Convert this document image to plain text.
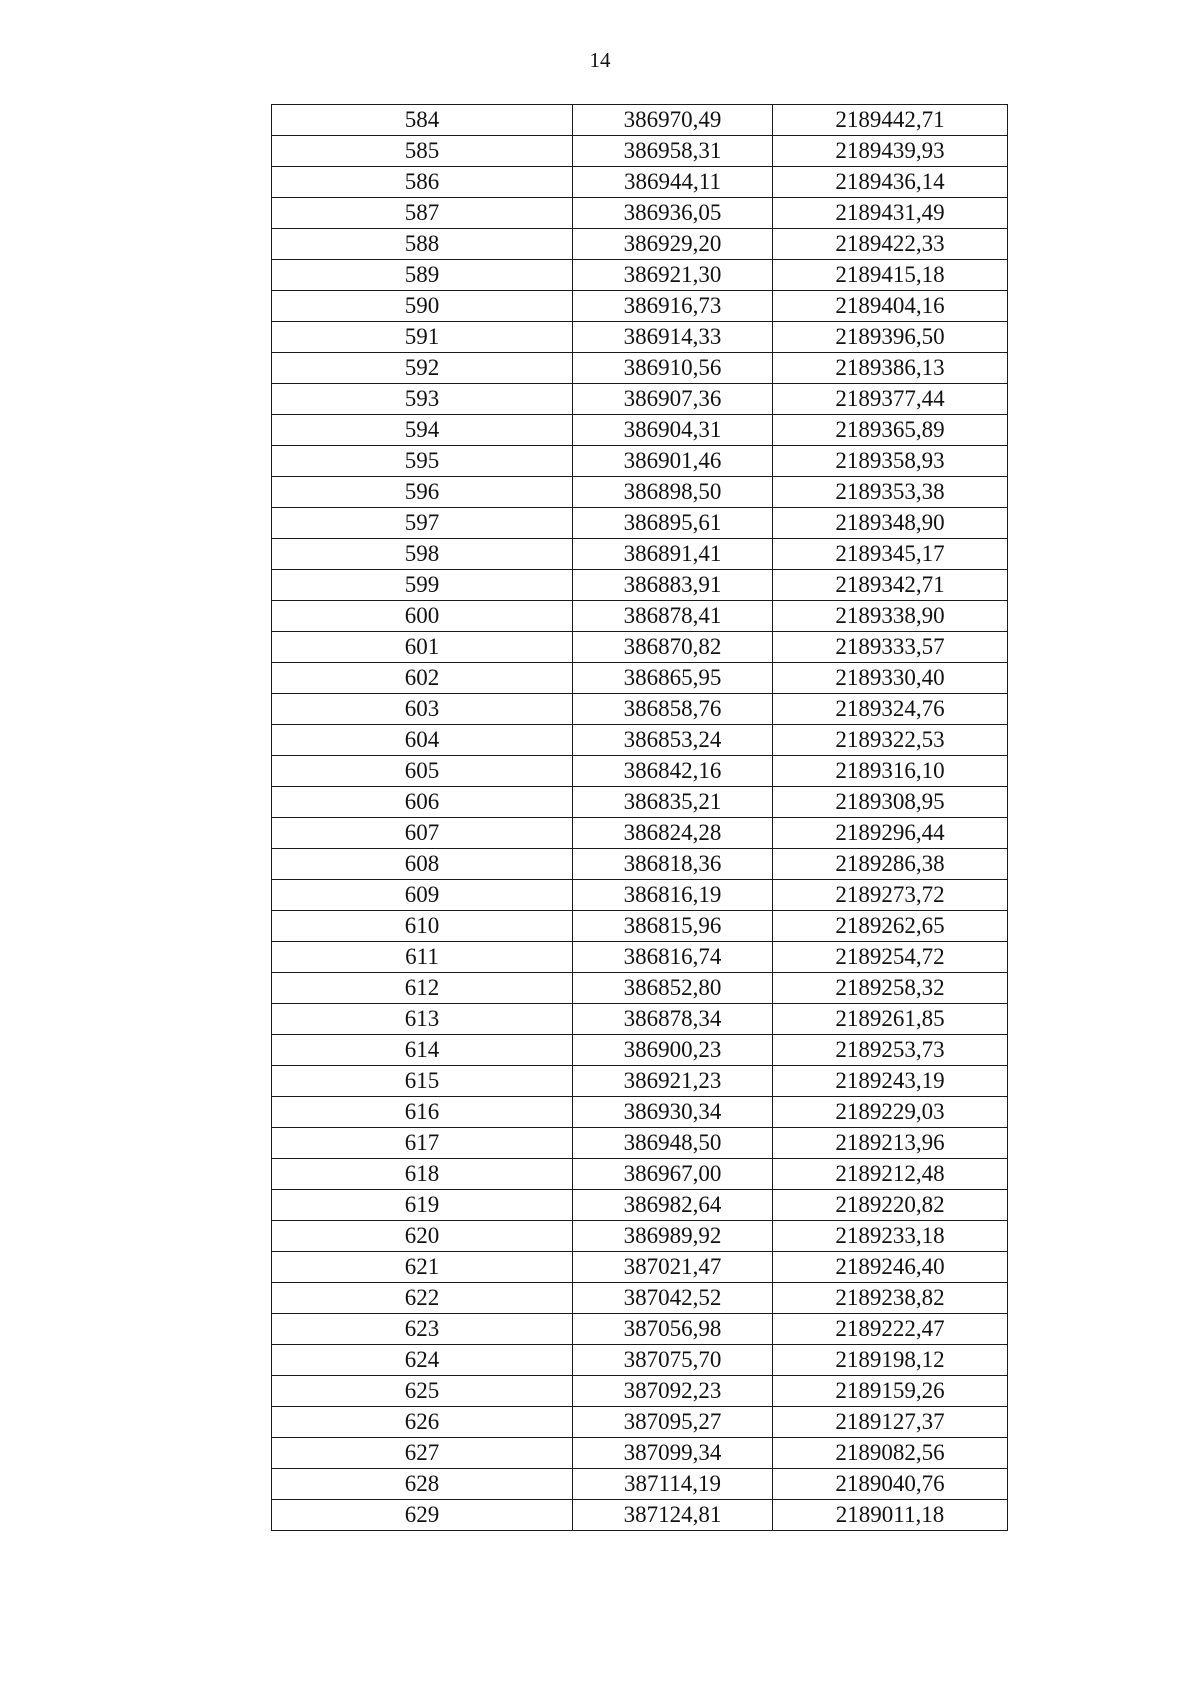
14
584	386970,49	2189442,71
585	386958,31	2189439,93
586	386944,11	2189436,14
587	386936,05	2189431,49
588	386929,20	2189422,33
589	386921,30	2189415,18
590	386916,73	2189404,16
591	386914,33	2189396,50
592	386910,56	2189386,13
593	386907,36	2189377,44
594	386904,31	2189365,89
595	386901,46	2189358,93
596	386898,50	2189353,38
597	386895,61	2189348,90
598	386891,41	2189345,17
599	386883,91	2189342,71
600	386878,41	2189338,90
601	386870,82	2189333,57
602	386865,95	2189330,40
603	386858,76	2189324,76
604	386853,24	2189322,53
605	386842,16	2189316,10
606	386835,21	2189308,95
607	386824,28	2189296,44
608	386818,36	2189286,38
609	386816,19	2189273,72
610	386815,96	2189262,65
611	386816,74	2189254,72
612	386852,80	2189258,32
613	386878,34	2189261,85
614	386900,23	2189253,73
615	386921,23	2189243,19
616	386930,34	2189229,03
617	386948,50	2189213,96
618	386967,00	2189212,48
619	386982,64	2189220,82
620	386989,92	2189233,18
621	387021,47	2189246,40
622	387042,52	2189238,82
623	387056,98	2189222,47
624	387075,70	2189198,12
625	387092,23	2189159,26
626	387095,27	2189127,37
627	387099,34	2189082,56
628	387114,19	2189040,76
629	387124,81	2189011,18
